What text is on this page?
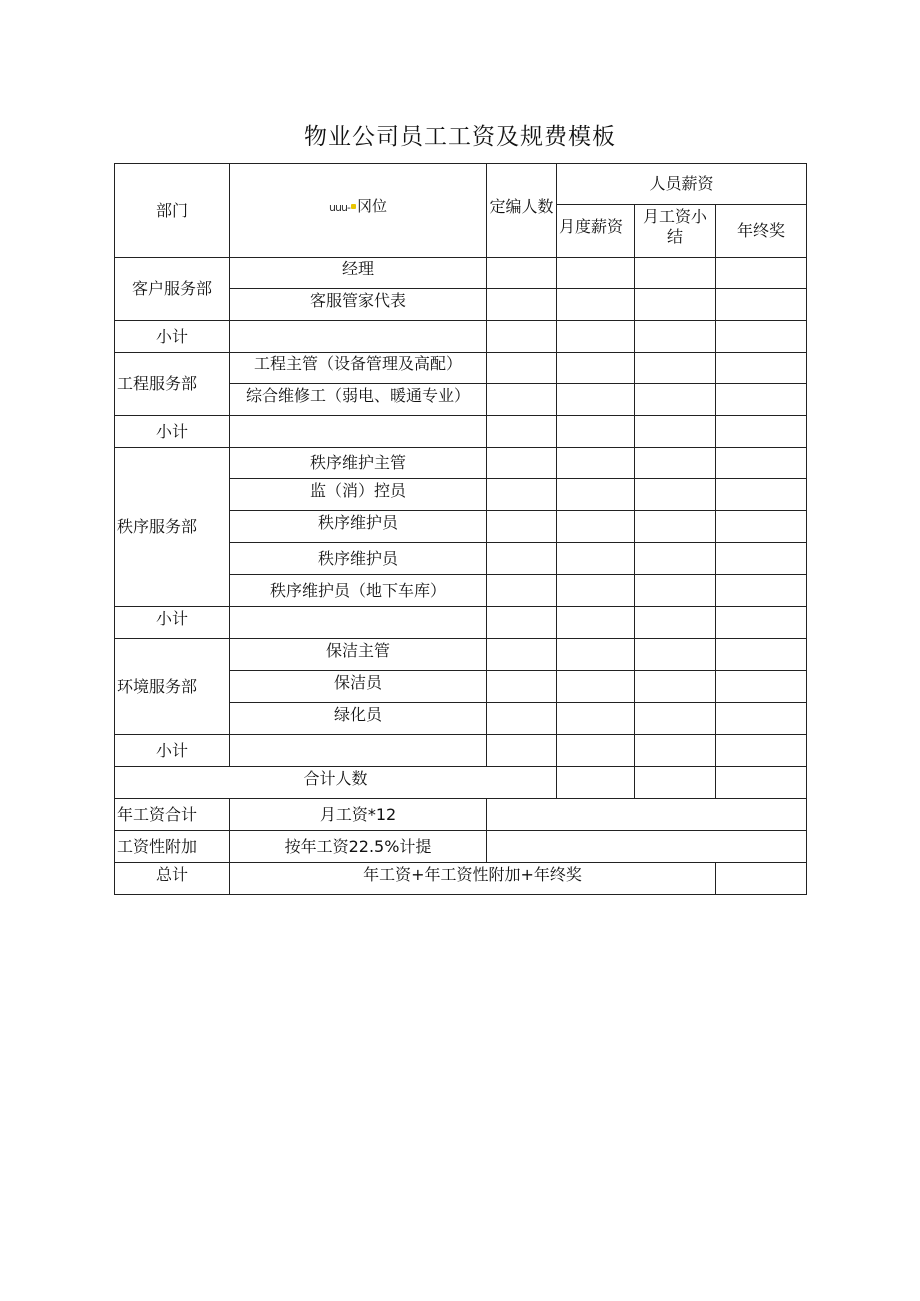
物业公司员工工资及规费模板
部门	uuu- 冈位	定编人数	人员薪资		
			月度薪资	月工资小结	年终奖
客户服务部	经理				
	客服管家代表				
小计					
工程服务部	工程主管（设备管理及高配）				

	综合维修工（弱电、暖通专业）				

小计					
秩序服务部	秩序维护主管				
	监（消）控员				
	秩序维护员				
	秩序维护员				
	秩序维护员（地下车库）				
小计					
环境服务部	保洁主管				
	保洁员				
	绿化员				
小计					
合计人数					
年工资合计	月工资*12				
工资性附加	按年工资22.5%计提				
总计	年工资+年工资性附加+年终奖				
